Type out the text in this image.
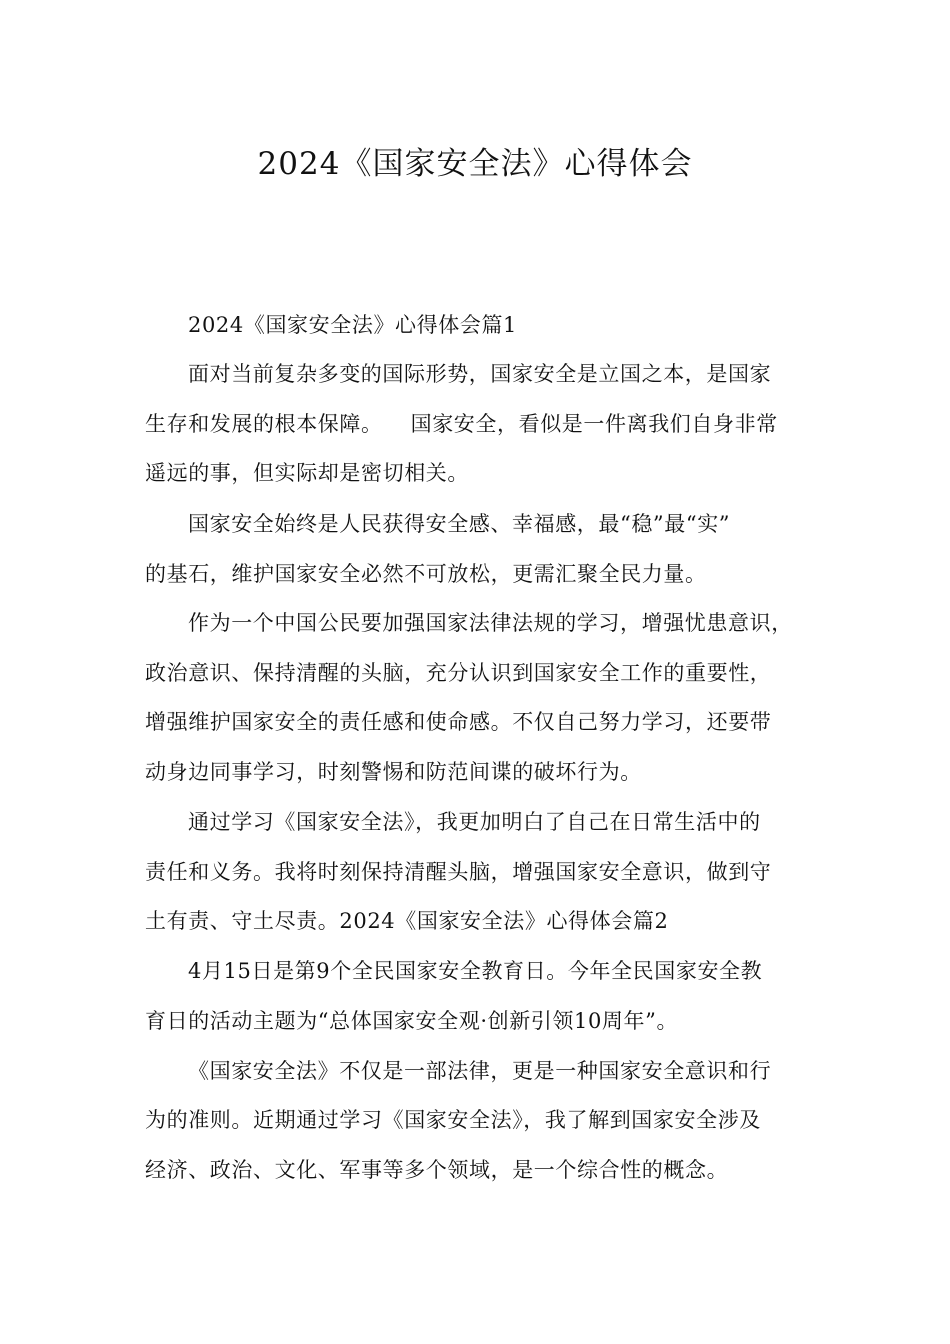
2024《国家安全法》心得体会
2024《国家安全法》心得体会篇1
面对当前复杂多变的国际形势，国家安全是立国之本，是国家
生存和发展的根本保障。 国家安全，看似是一件离我们自身非常
遥远的事，但实际却是密切相关。
国家安全始终是人民获得安全感、幸福感，最“稳”最“实”
的基石，维护国家安全必然不可放松，更需汇聚全民力量。
作为一个中国公民要加强国家法律法规的学习，增强忧患意识，
政治意识、保持清醒的头脑，充分认识到国家安全工作的重要性，
增强维护国家安全的责任感和使命感。不仅自己努力学习，还要带
动身边同事学习，时刻警惕和防范间谍的破坏行为。
通过学习《国家安全法》，我更加明白了自己在日常生活中的
责任和义务。我将时刻保持清醒头脑，增强国家安全意识，做到守
土有责、守土尽责。2024《国家安全法》心得体会篇2
4月15日是第9个全民国家安全教育日。今年全民国家安全教
育日的活动主题为“总体国家安全观·创新引领10周年”。
《国家安全法》不仅是一部法律，更是一种国家安全意识和行
为的准则。近期通过学习《国家安全法》，我了解到国家安全涉及
经济、政治、文化、军事等多个领域，是一个综合性的概念。
